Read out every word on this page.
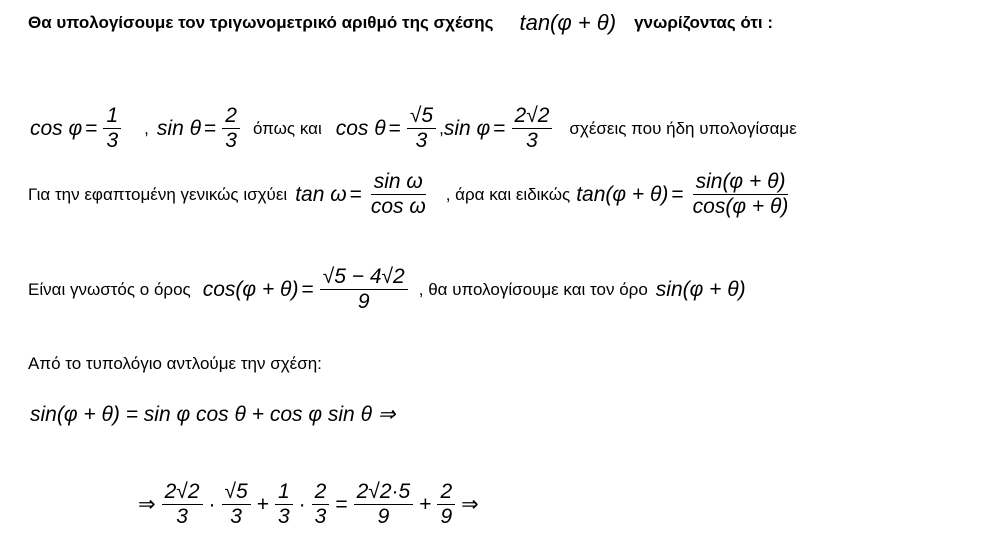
Θα υπολογίσουμε τον τριγωνομετρικό αριθμό της σχέσης tan(φ + θ) γνωρίζοντας ότι :
$\cos \varphi = \frac{1}{3}$ , $\sin \theta = \frac{2}{3}$ όπως και $\cos \theta = \frac{√5}{3}$ , $\sin \varphi = \frac{2√2}{3}$ σχέσεις που ήδη υπολογίσαμε
Για την εφαπτομένη γενικώς ισχύει $\tan \omega = \frac{\text{sin ω}}{\text{cos ω}}$ , άρα και ειδικώς $\tan(\varphi + \theta) = \frac{\sin(\varphi + \theta)}{\cos(\varphi + \theta)}$
Είναι γνωστός ο όρος $\cos(\varphi + \theta) = \frac{√5 - 4√2}{9}$ , θα υπολογίσουμε και τον όρο sin(φ + θ)
Από το τυπολόγιο αντλούμε την σχέση:
sin(φ + θ) = sin φ cos θ + cos φ sin θ ⇒
⇒ $\frac{2√2}{3} \cdot \frac{√5}{3} + \frac{1}{3} \cdot \frac{2}{3} = \frac{2√2\cdot 5}{9} + \frac{2}{9}$ ⇒
